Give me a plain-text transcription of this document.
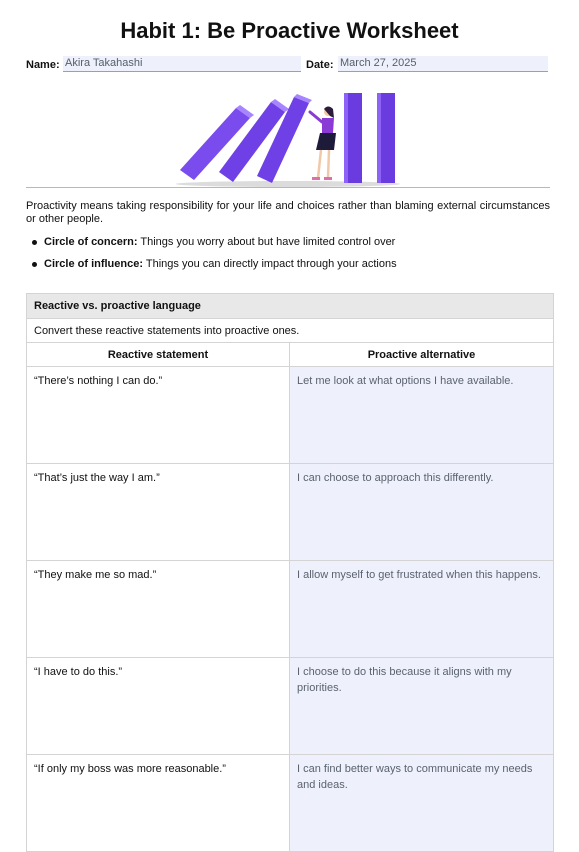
Habit 1: Be Proactive Worksheet
Name: Akira Takahashi	Date: March 27, 2025
Proactivity means taking responsibility for your life and choices rather than blaming external circumstances or other people.
Circle of concern: Things you worry about but have limited control over
Circle of influence: Things you can directly impact through your actions
Reactive vs. proactive language	
Convert these reactive statements into proactive ones.	
Reactive statement	Proactive alternative
“There’s nothing I can do.”	Let me look at what options I have available.
“That’s just the way I am.”	I can choose to approach this differently.
“They make me so mad.”	I allow myself to get frustrated when this happens.
“I have to do this.”	I choose to do this because it aligns with my priorities.
“If only my boss was more reasonable.”	I can find better ways to communicate my needs and ideas.
